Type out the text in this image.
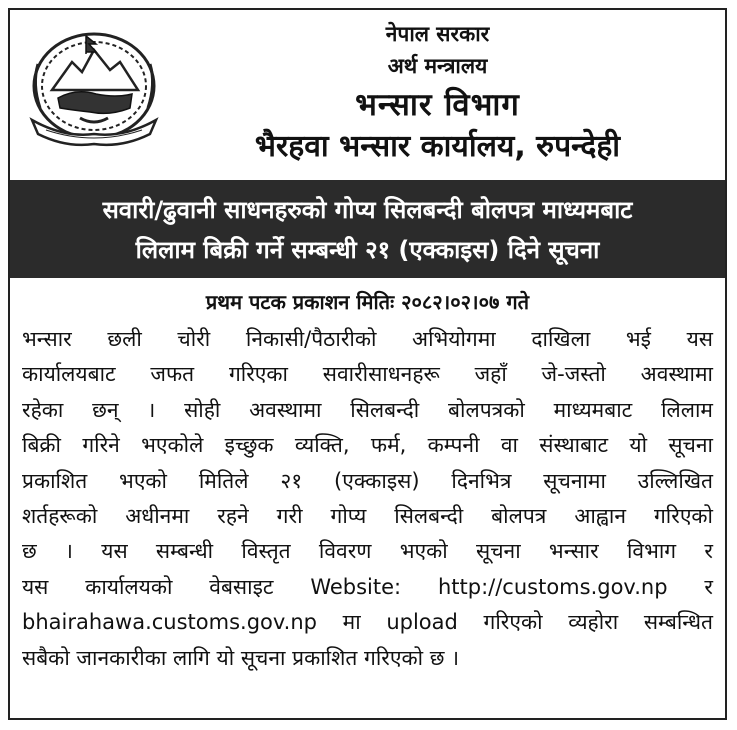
नेपाल सरकार
अर्थ मन्त्रालय
भन्सार विभाग
भैरहवा भन्सार कार्यालय, रुपन्देही
सवारी/ढुवानी साधनहरुको गोप्य सिलबन्दी बोलपत्र माध्यमबाट
लिलाम बिक्री गर्ने सम्बन्धी २१ (एक्काइस) दिने सूचना
प्रथम पटक प्रकाशन मितिः २०८२।०२।०७ गते
भन्सार छली चोरी निकासी/पैठारीको अभियोगमा दाखिला भई यस
कार्यालयबाट जफत गरिएका सवारीसाधनहरू जहाँ जे-जस्तो अवस्थामा
रहेका छन् । सोही अवस्थामा सिलबन्दी बोलपत्रको माध्यमबाट लिलाम
बिक्री गरिने भएकोले इच्छुक व्यक्ति, फर्म, कम्पनी वा संस्थाबाट यो सूचना
प्रकाशित भएको मितिले २१ (एक्काइस) दिनभित्र सूचनामा उल्लिखित
शर्तहरूको अधीनमा रहने गरी गोप्य सिलबन्दी बोलपत्र आह्वान गरिएको
छ । यस सम्बन्धी विस्तृत विवरण भएको सूचना भन्सार विभाग र
यस कार्यालयको वेबसाइट Website: http://customs.gov.np र
bhairahawa.customs.gov.np मा upload गरिएको व्यहोरा सम्बन्धित
सबैको जानकारीका लागि यो सूचना प्रकाशित गरिएको छ ।
